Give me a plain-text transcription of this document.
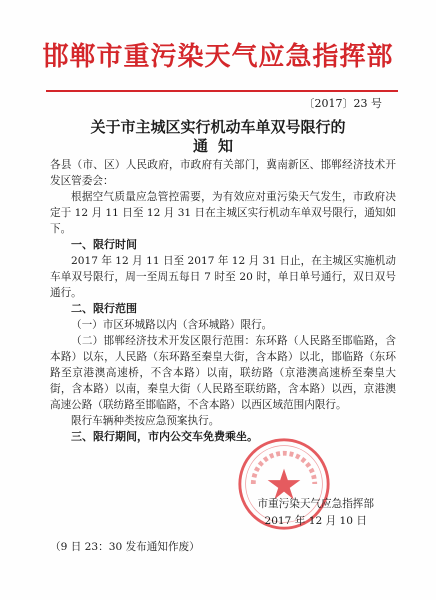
邯郸市重污染天气应急指挥部
〔2017〕23 号
关于市主城区实行机动车单双号限行的
通知

各县（市、区）人民政府，市政府有关部门，冀南新区、邯郸经济技术开发区管委会：

根据空气质量应急管控需要，为有效应对重污染天气发生，市政府决定于 12 月 11 日至 12 月 31 日在主城区实行机动车单双号限行，通知如下。

一、限行时间

2017 年 12 月 11 日至 2017 年 12 月 31 日止，在主城区实施机动车单双号限行，周一至周五每日 7 时至 20 时，单日单号通行，双日双号通行。

二、限行范围

（一）市区环城路以内（含环城路）限行。

（二）邯郸经济技术开发区限行范围：东环路（人民路至邯临路，含本路）以东，人民路（东环路至秦皇大街，含本路）以北，邯临路（东环路至京港澳高速桥，不含本路）以南，联纺路（京港澳高速桥至秦皇大街，含本路）以南，秦皇大街（人民路至联纺路，含本路）以西，京港澳高速公路（联纺路至邯临路，不含本路）以西区域范围内限行。

限行车辆种类按应急预案执行。

三、限行期间，市内公交车免费乘坐。

市重污染天气应急指挥部
2017 年 12 月 10 日
（9 日 23：30 发布通知作废）
